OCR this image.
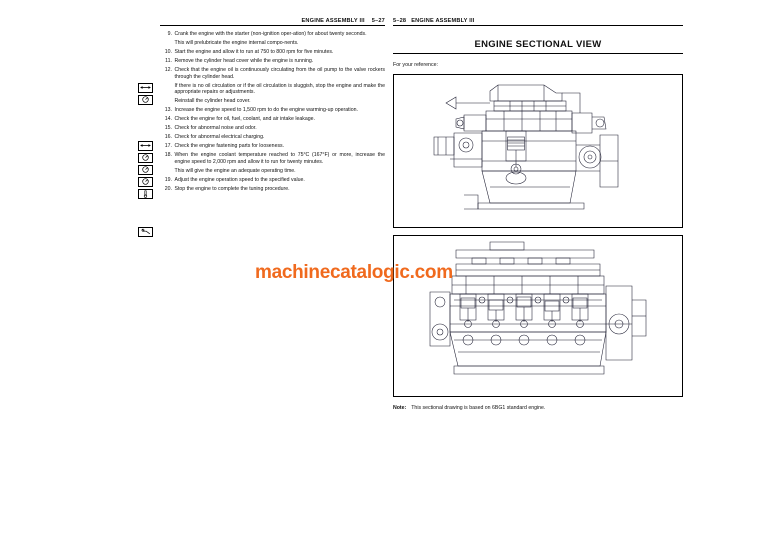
ENGINE ASSEMBLY III 5–27
9. Crank the engine with the starter (non-ignition oper-ation) for about twenty seconds.

This will prelubricate the engine internal compo-nents.

10. Start the engine and allow it to run at 750 to 800 rpm for five minutes.

11. Remove the cylinder head cover while the engine is running.

12. Check that the engine oil is continuously circulating from the oil pump to the valve rockers through the cylinder head.

If there is no oil circulation or if the oil circulation is sluggish, stop the engine and make the appropriate repairs or adjustments.

Reinstall the cylinder head cover.

13. Increase the engine speed to 1,500 rpm to do the engine warming-up operation.

14. Check the engine for oil, fuel, coolant, and air intake leakage.

15. Check for abnormal noise and odor.

16. Check for abnormal electrical charging.

17. Check the engine fastening parts for looseness.

18. When the engine coolant temperature reached to 75°C (167°F) or more, increase the engine speed to 2,000 rpm and allow it to run for twenty minutes.

This will give the engine an adequate operating time.

19. Adjust the engine operation speed to the specified value.

20. Stop the engine to complete the tuning procedure.

5–28 ENGINE ASSEMBLY III
ENGINE SECTIONAL VIEW
For your reference:
Note: This sectional drawing is based on 6BG1 standard engine.
machinecatalogic.com
